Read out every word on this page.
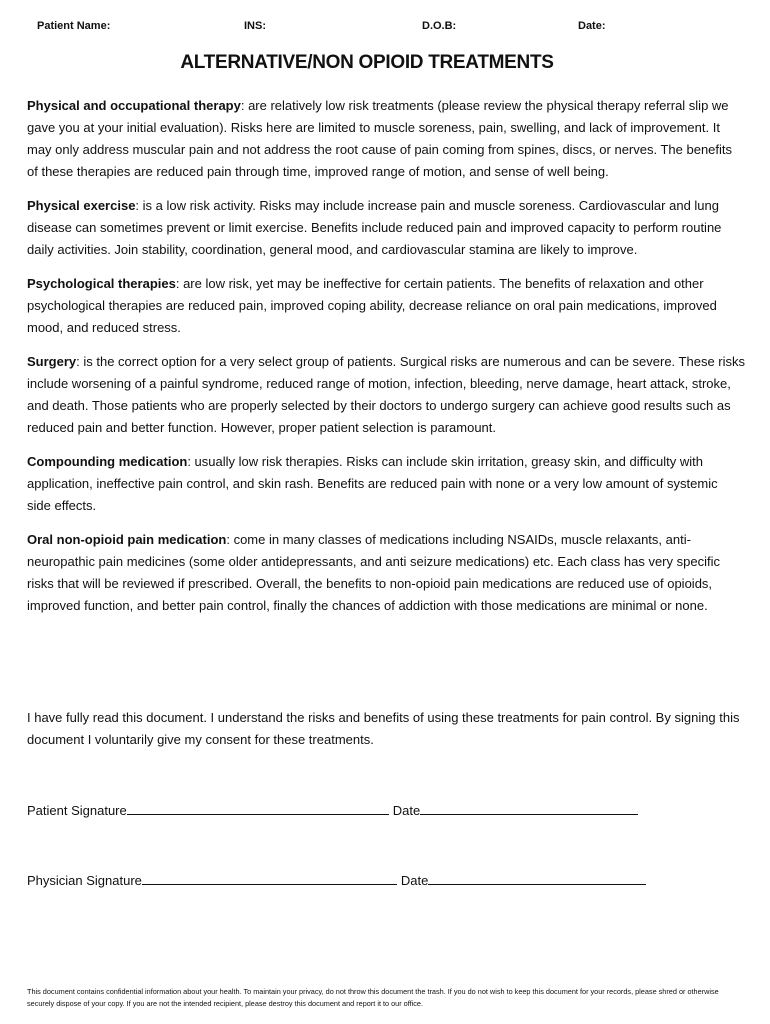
Patient Name:	INS:	D.O.B:	Date:
ALTERNATIVE/NON OPIOID TREATMENTS

Physical and occupational therapy: are relatively low risk treatments (please review the physical therapy referral slip we gave you at your initial evaluation). Risks here are limited to muscle soreness, pain, swelling, and lack of improvement. It may only address muscular pain and not address the root cause of pain coming from spines, discs, or nerves. The benefits of these therapies are reduced pain through time, improved range of motion, and sense of well being.

Physical exercise: is a low risk activity. Risks may include increase pain and muscle soreness. Cardiovascular and lung disease can sometimes prevent or limit exercise. Benefits include reduced pain and improved capacity to perform routine daily activities. Join stability, coordination, general mood, and cardiovascular stamina are likely to improve.

Psychological therapies: are low risk, yet may be ineffective for certain patients. The benefits of relaxation and other psychological therapies are reduced pain, improved coping ability, decrease reliance on oral pain medications, improved mood, and reduced stress.

Surgery: is the correct option for a very select group of patients. Surgical risks are numerous and can be severe. These risks include worsening of a painful syndrome, reduced range of motion, infection, bleeding, nerve damage, heart attack, stroke, and death. Those patients who are properly selected by their doctors to undergo surgery can achieve good results such as reduced pain and better function. However, proper patient selection is paramount.

Compounding medication: usually low risk therapies. Risks can include skin irritation, greasy skin, and difficulty with application, ineffective pain control, and skin rash. Benefits are reduced pain with none or a very low amount of systemic side effects.

Oral non-opioid pain medication: come in many classes of medications including NSAIDs, muscle relaxants, anti-neuropathic pain medicines (some older antidepressants, and anti seizure medications) etc. Each class has very specific risks that will be reviewed if prescribed. Overall, the benefits to non-opioid pain medications are reduced use of opioids, improved function, and better pain control, finally the chances of addiction with those medications are minimal or none.

I have fully read this document. I understand the risks and benefits of using these treatments for pain control. By signing this document I voluntarily give my consent for these treatments.

Patient Signature	Date
Physician Signature	Date

This document contains confidential information about your health. To maintain your privacy, do not throw this document the trash. If you do not wish to keep this document for your records, please shred or otherwise securely dispose of your copy. If you are not the intended recipient, please destroy this document and report it to our office.
